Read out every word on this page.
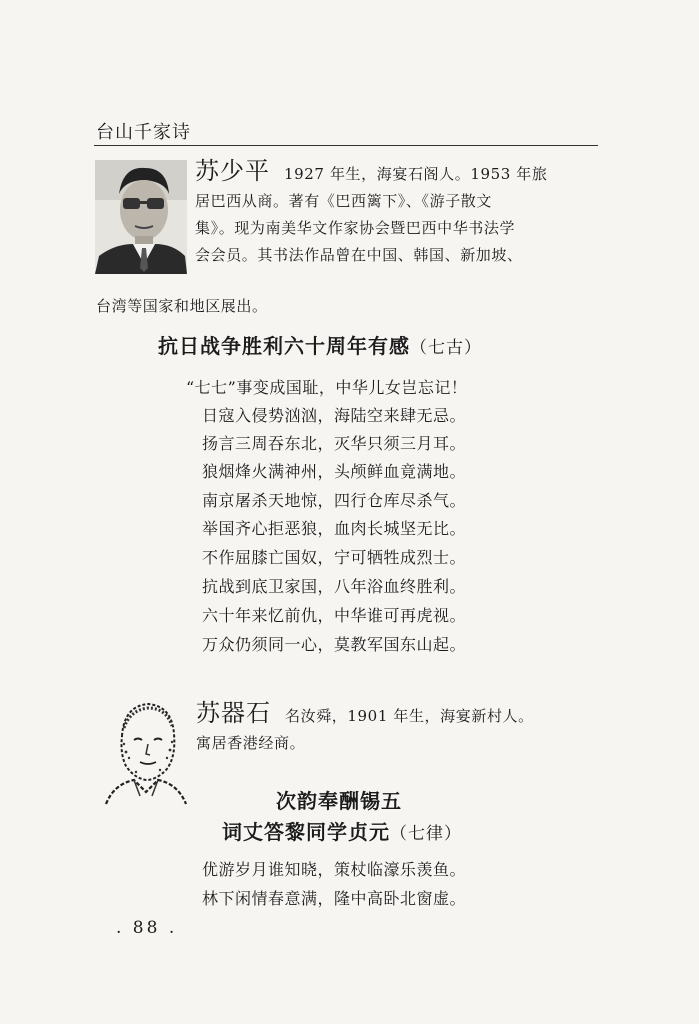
台山千家诗
苏少平 1927 年生，海宴石阁人。1953 年旅
居巴西从商。著有《巴西篱下》、《游子散文
集》。现为南美华文作家协会暨巴西中华书法学
会会员。其书法作品曾在中国、韩国、新加坡、
台湾等国家和地区展出。
抗日战争胜利六十周年有感（七古）
“七七”事变成国耻，中华儿女岂忘记！
日寇入侵势汹汹，海陆空来肆无忌。
扬言三周吞东北，灭华只须三月耳。
狼烟烽火满神州，头颅鲜血竟满地。
南京屠杀天地惊，四行仓库尽杀气。
举国齐心拒恶狼，血肉长城坚无比。
不作屈膝亡国奴，宁可牺牲成烈士。
抗战到底卫家国，八年浴血终胜利。
六十年来忆前仇，中华谁可再虎视。
万众仍须同一心，莫教军国东山起。
苏器石 名汝舜，1901 年生，海宴新村人。
寓居香港经商。
次韵奉酬锡五
词丈答黎同学贞元（七律）
优游岁月谁知晓，策杖临濠乐羡鱼。
林下闲情春意满，隆中高卧北窗虚。
. 88 .
